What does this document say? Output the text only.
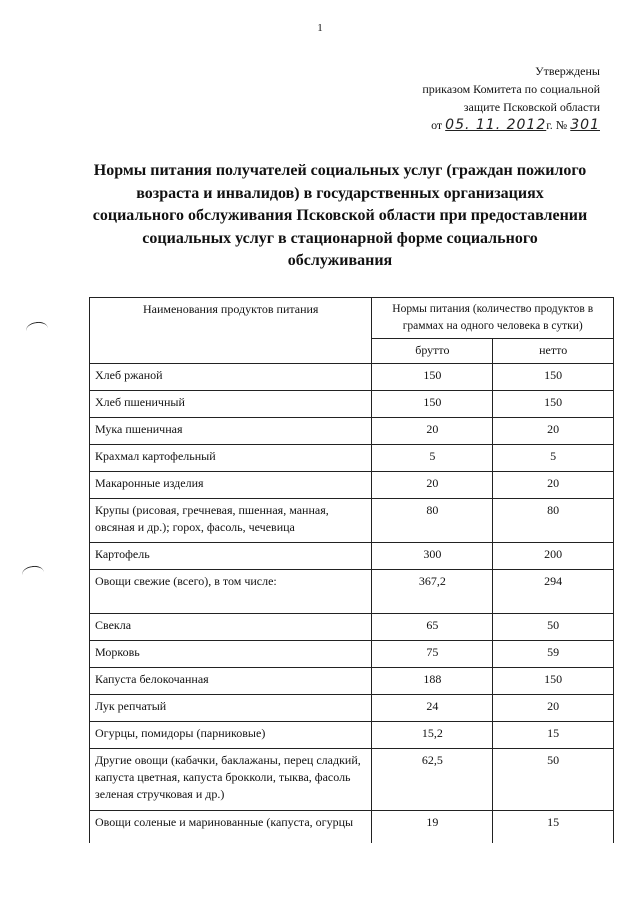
1
Утверждены
приказом Комитета по социальной
защите Псковской области
от 05. 11. 2012г. № 301
Нормы питания получателей социальных услуг (граждан пожилого
возраста и инвалидов) в государственных организациях
социального обслуживания Псковской области при предоставлении
социальных услуг в стационарной форме социального
обслуживания
Наименования продуктов питания	Нормы питания (количество продуктов в граммах на одного человека в сутки)	
	брутто	нетто
Хлеб ржаной	150	150
Хлеб пшеничный	150	150
Мука пшеничная	20	20
Крахмал картофельный	5	5
Макаронные изделия	20	20
Крупы (рисовая, гречневая, пшенная, манная, овсяная и др.); горох, фасоль, чечевица	80	80
Картофель	300	200
Овощи свежие (всего), в том числе:	367,2	294
Свекла	65	50
Морковь	75	59
Капуста белокочанная	188	150
Лук репчатый	24	20
Огурцы, помидоры (парниковые)	15,2	15
Другие овощи (кабачки, баклажаны, перец сладкий, капуста цветная, капуста брокколи, тыква, фасоль зеленая стручковая и др.)	62,5	50
Овощи соленые и маринованные (капуста, огурцы	19	15
